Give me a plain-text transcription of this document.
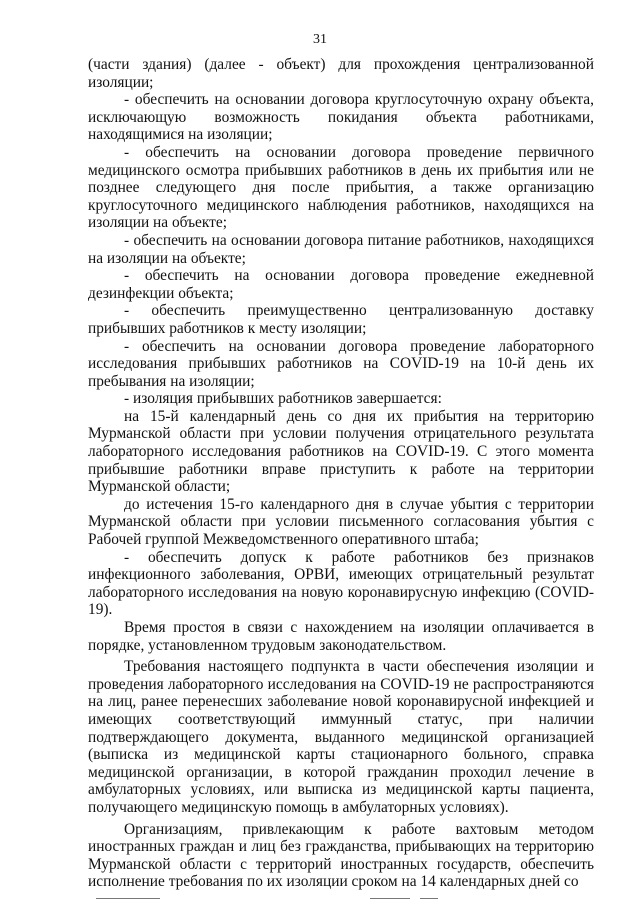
31

(части здания) (далее - объект) для прохождения централизованной изоляции;

- обеспечить на основании договора круглосуточную охрану объекта, исключающую возможность покидания объекта работниками, находящимися на изоляции;

- обеспечить на основании договора проведение первичного медицинского осмотра прибывших работников в день их прибытия или не позднее следующего дня после прибытия, а также организацию круглосуточного медицинского наблюдения работников, находящихся на изоляции на объекте;

- обеспечить на основании договора питание работников, находящихся на изоляции на объекте;

- обеспечить на основании договора проведение ежедневной дезинфекции объекта;

- обеспечить преимущественно централизованную доставку прибывших работников к месту изоляции;

- обеспечить на основании договора проведение лабораторного исследования прибывших работников на COVID-19 на 10-й день их пребывания на изоляции;

- изоляция прибывших работников завершается:

на 15-й календарный день со дня их прибытия на территорию Мурманской области при условии получения отрицательного результата лабораторного исследования работников на COVID-19. С этого момента прибывшие работники вправе приступить к работе на территории Мурманской области;

до истечения 15-го календарного дня в случае убытия с территории Мурманской области при условии письменного согласования убытия с Рабочей группой Межведомственного оперативного штаба;

- обеспечить допуск к работе работников без признаков инфекционного заболевания, ОРВИ, имеющих отрицательный результат лабораторного исследования на новую коронавирусную инфекцию (COVID-19).

Время простоя в связи с нахождением на изоляции оплачивается в порядке, установленном трудовым законодательством.

Требования настоящего подпункта в части обеспечения изоляции и проведения лабораторного исследования на COVID-19 не распространяются на лиц, ранее перенесших заболевание новой коронавирусной инфекцией и имеющих соответствующий иммунный статус, при наличии подтверждающего документа, выданного медицинской организацией (выписка из медицинской карты стационарного больного, справка медицинской организации, в которой гражданин проходил лечение в амбулаторных условиях, или выписка из медицинской карты пациента, получающего медицинскую помощь в амбулаторных условиях).

Организациям, привлекающим к работе вахтовым методом иностранных граждан и лиц без гражданства, прибывающих на территорию Мурманской области с территорий иностранных государств, обеспечить исполнение требования по их изоляции сроком на 14 календарных дней со
